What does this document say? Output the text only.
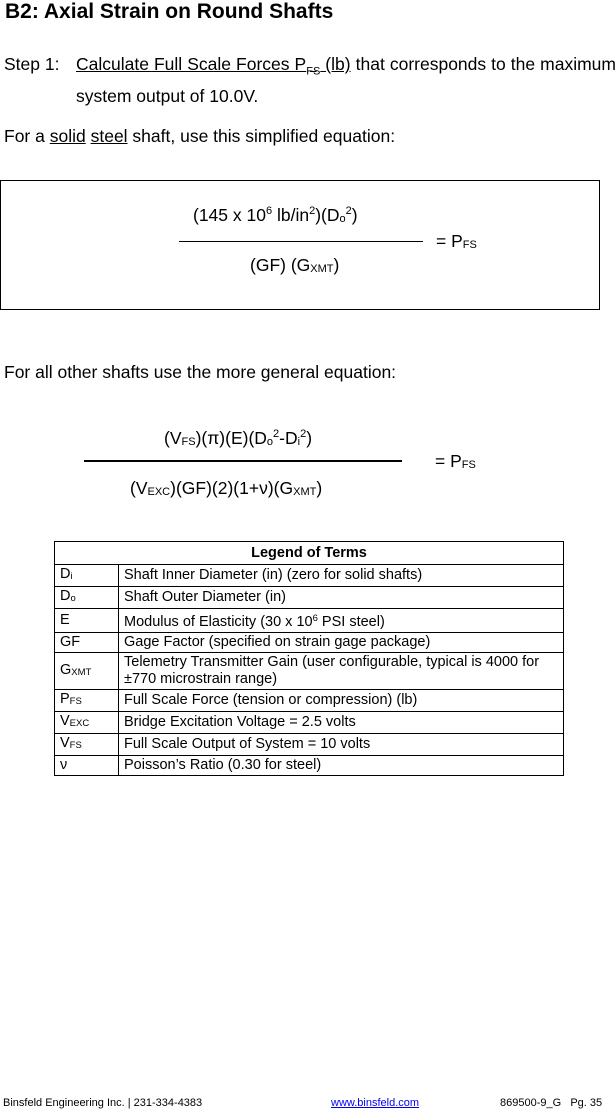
B2: Axial Strain on Round Shafts
Step 1: Calculate Full Scale Forces $P_{FS}$ (lb) that corresponds to the maximum system output of 10.0V.
For a solid steel shaft, use this simplified equation:
(145 x $10^6$ $lb/in^2)(D_o^2)$
(GF) $(G_{XMT})$
= $P_{FS}$
For all other shafts use the more general equation:
$(V_{FS})(\pi)(E)(D_o^2-D_i^2)$
$(V_{EXC})(GF)(2)(1+\nu)(G_{XMT})$
= $P_{FS}$
Legend of Terms	
$D_i$	Shaft Inner Diameter (in) (zero for solid shafts)
$D_o$	Shaft Outer Diameter (in)
E	Modulus of Elasticity (30 x $10^6$ PSI steel)
GF	Gage Factor (specified on strain gage package)
$G_{XMT}$	Telemetry Transmitter Gain (user configurable, typical is 4000 for ±770 microstrain range)
$P_{FS}$	Full Scale Force (tension or compression) (lb)
$V_{EXC}$	Bridge Excitation Voltage = 2.5 volts
$V_{FS}$	Full Scale Output of System = 10 volts
ν	Poisson’s Ratio (0.30 for steel)
Binsfeld Engineering Inc. | 231-334-4383	www.binsfeld.com	869500-9_G   Pg. 35
